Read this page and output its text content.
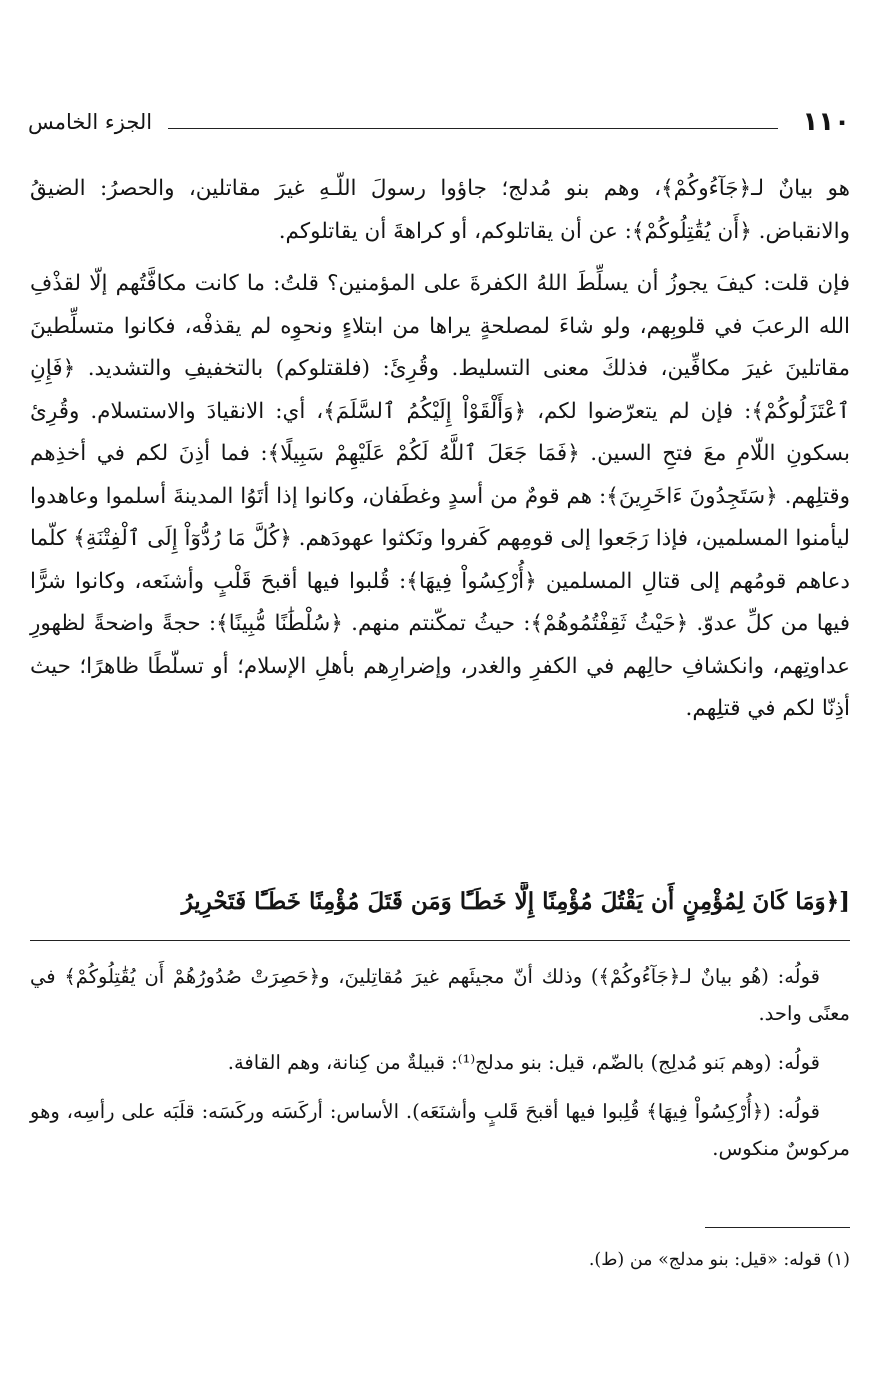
١١٠
الجزء الخامس

هو بيانٌ لـ﴿جَآءُوكُمْ﴾، وهم بنو مُدلج؛ جاؤوا رسولَ اللّـهِ غيرَ مقاتلين، والحصرُ: الضيقُ والانقباض. ﴿أَن يُقَٰتِلُوكُمْ﴾: عن أن يقاتلوكم، أو كراهةَ أن يقاتلوكم.

فإن قلت: كيفَ يجوزُ أن يسلِّطَ اللهُ الكفرةَ على المؤمنين؟ قلتُ: ما كانت مكافَّتُهم إلّا لقذْفِ الله الرعبَ في قلوبِهم، ولو شاءَ لمصلحةٍ يراها من ابتلاءٍ ونحوِه لم يقذفْه، فكانوا متسلِّطينَ مقاتلينَ غيرَ مكافِّين، فذلكَ معنى التسليط. وقُرِئَ: (فلقتلوكم) بالتخفيفِ والتشديد. ﴿فَإِنِ ٱعْتَزَلُوكُمْ﴾: فإن لم يتعرّضوا لكم، ﴿وَأَلْقَوْاْ إِلَيْكُمُ ٱلسَّلَمَ﴾، أي: الانقيادَ والاستسلام. وقُرِئ بسكونِ اللّامِ معَ فتحِ السين. ﴿فَمَا جَعَلَ ٱللَّهُ لَكُمْ عَلَيْهِمْ سَبِيلًا﴾: فما أذِنَ لكم في أخذِهم وقتلِهم. ﴿سَتَجِدُونَ ءَاخَرِينَ﴾: هم قومٌ من أسدٍ وغطَفان، وكانوا إذا أتَوُا المدينةَ أسلموا وعاهدوا ليأمنوا المسلمين، فإذا رَجَعوا إلى قومِهم كَفروا ونَكثوا عهودَهم. ﴿كُلَّ مَا رُدُّوٓاْ إِلَى ٱلْفِتْنَةِ﴾ كلّما دعاهم قومُهم إلى قتالِ المسلمين ﴿أُرْكِسُواْ فِيهَا﴾: قُلبوا فيها أقبحَ قَلْبٍ وأشنَعه، وكانوا شرًّا فيها من كلِّ عدوّ. ﴿حَيْثُ ثَقِفْتُمُوهُمْ﴾: حيثُ تمكّنتم منهم. ﴿سُلْطَٰنًا مُّبِينًا﴾: حجةً واضحةً لظهورِ عداوتِهم، وانكشافِ حالِهم في الكفرِ والغدر، وإضرارِهم بأهلِ الإسلام؛ أو تسلّطًا ظاهرًا؛ حيث أذِنّا لكم في قتلِهم.

[﴿وَمَا كَانَ لِمُؤْمِنٍ أَن يَقْتُلَ مُؤْمِنًا إِلَّا خَطَـًٔا وَمَن قَتَلَ مُؤْمِنًا خَطَـًٔا فَتَحْرِيرُ

قولُه: (هُو بيانٌ لـ﴿جَآءُوكُمْ﴾) وذلك أنّ مجيئَهم غيرَ مُقاتِلينَ، و﴿حَصِرَتْ صُدُورُهُمْ أَن يُقَٰتِلُوكُمْ﴾ في معنًى واحد.

قولُه: (وهم بَنو مُدلِج) بالضّم، قيل: بنو مدلج⁽¹⁾: قبيلةٌ من كِنانة، وهم القافة.

قولُه: (﴿أُرْكِسُواْ فِيهَا﴾ قُلِبوا فيها أقبحَ قَلبٍ وأشنَعَه). الأساس: أركَسَه وركَسَه: قلَبَه على رأسِه، وهو مركوسٌ منكوس.

(١) قوله: «قيل: بنو مدلج» من (ط).
